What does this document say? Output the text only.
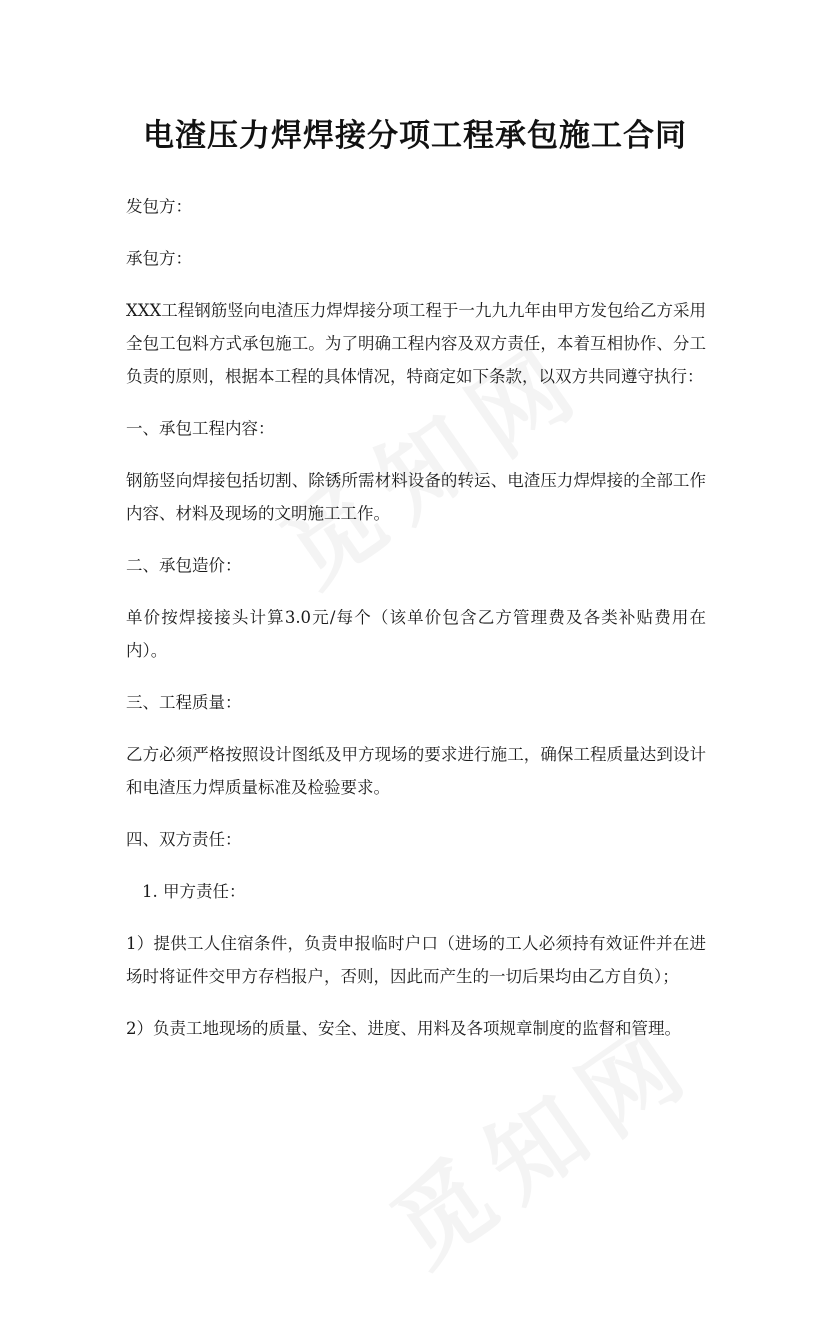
电渣压力焊焊接分项工程承包施工合同

发包方：

承包方：

XXX工程钢筋竖向电渣压力焊焊接分项工程于一九九九年由甲方发包给乙方采用全包工包料方式承包施工。为了明确工程内容及双方责任，本着互相协作、分工负责的原则，根据本工程的具体情况，特商定如下条款，以双方共同遵守执行：

一、承包工程内容：

钢筋竖向焊接包括切割、除锈所需材料设备的转运、电渣压力焊焊接的全部工作内容、材料及现场的文明施工工作。

二、承包造价：

单价按焊接接头计算3.0元/每个（该单价包含乙方管理费及各类补贴费用在内）。

三、工程质量：

乙方必须严格按照设计图纸及甲方现场的要求进行施工，确保工程质量达到设计和电渣压力焊质量标准及检验要求。

四、双方责任：

1. 甲方责任：

1）提供工人住宿条件，负责申报临时户口（进场的工人必须持有效证件并在进场时将证件交甲方存档报户，否则，因此而产生的一切后果均由乙方自负）；

2）负责工地现场的质量、安全、进度、用料及各项规章制度的监督和管理。
